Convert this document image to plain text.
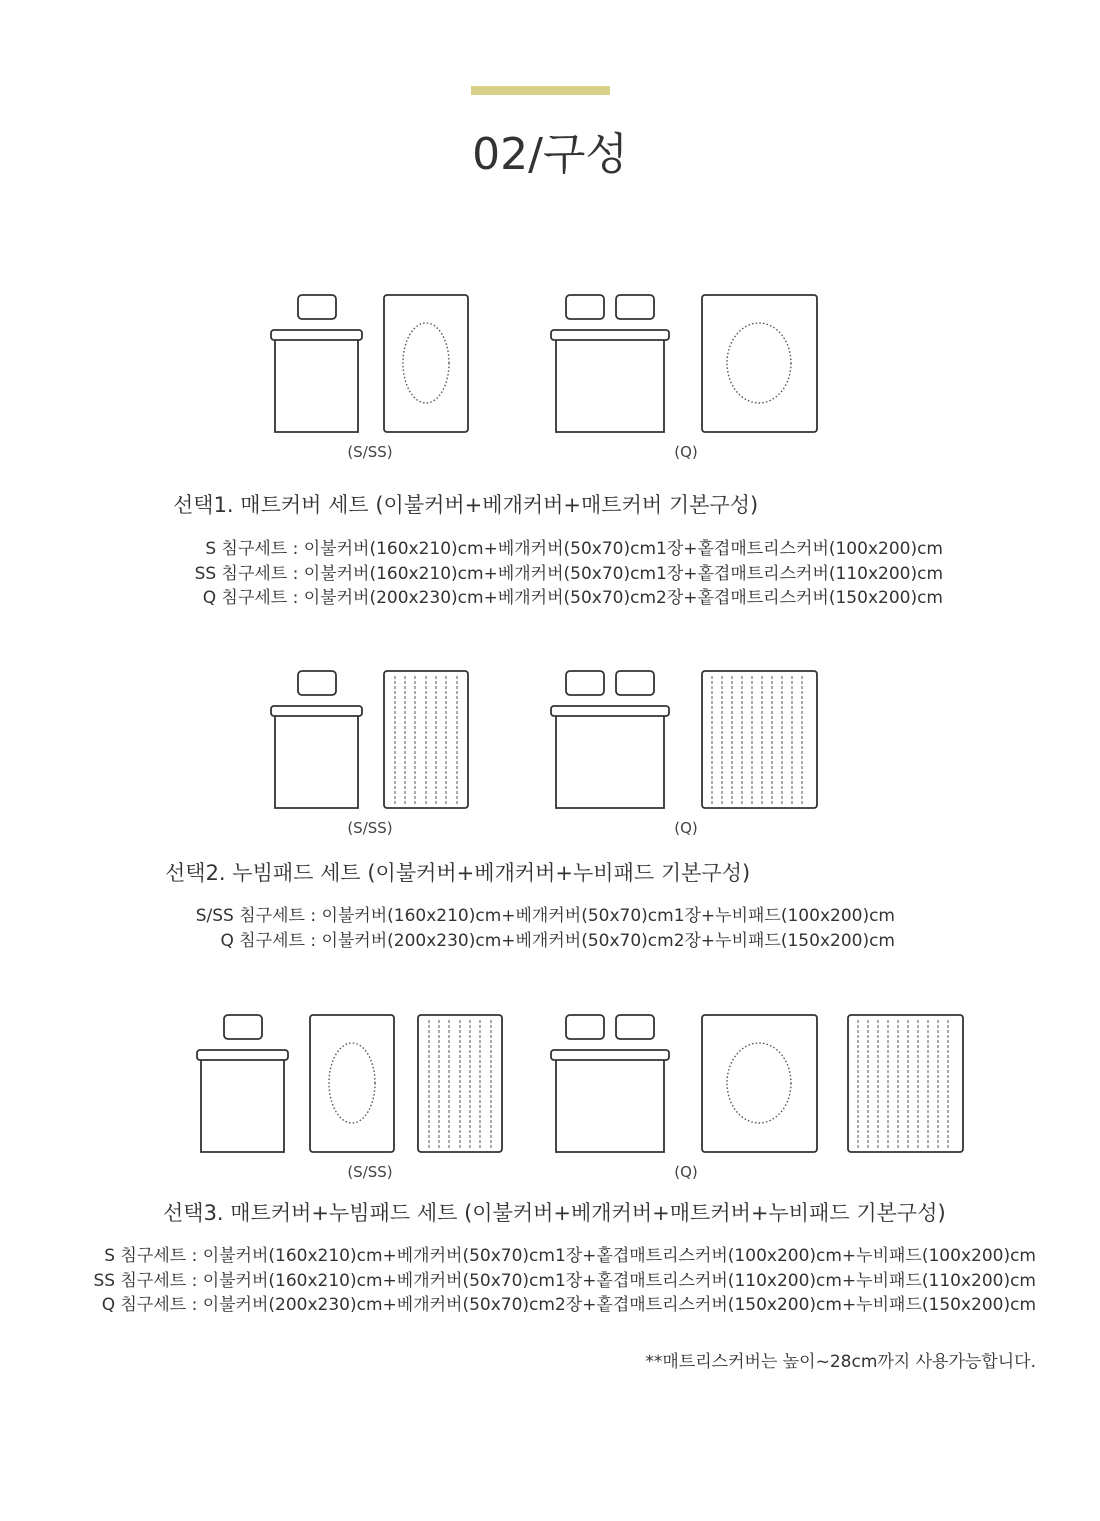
02/구성
(S/SS)	(Q)
선택1. 매트커버 세트 (이불커버+베개커버+매트커버 기본구성)
S 침구세트 : 이불커버(160x210)cm+베개커버(50x70)cm1장+홑겹매트리스커버(100x200)cm
SS 침구세트 : 이불커버(160x210)cm+베개커버(50x70)cm1장+홑겹매트리스커버(110x200)cm
Q 침구세트 : 이불커버(200x230)cm+베개커버(50x70)cm2장+홑겹매트리스커버(150x200)cm
(S/SS)	(Q)
선택2. 누빔패드 세트 (이불커버+베개커버+누비패드 기본구성)
S/SS 침구세트 : 이불커버(160x210)cm+베개커버(50x70)cm1장+누비패드(100x200)cm
Q 침구세트 : 이불커버(200x230)cm+베개커버(50x70)cm2장+누비패드(150x200)cm
(S/SS)	(Q)
선택3. 매트커버+누빔패드 세트 (이불커버+베개커버+매트커버+누비패드 기본구성)
S 침구세트 : 이불커버(160x210)cm+베개커버(50x70)cm1장+홑겹매트리스커버(100x200)cm+누비패드(100x200)cm
SS 침구세트 : 이불커버(160x210)cm+베개커버(50x70)cm1장+홑겹매트리스커버(110x200)cm+누비패드(110x200)cm
Q 침구세트 : 이불커버(200x230)cm+베개커버(50x70)cm2장+홑겹매트리스커버(150x200)cm+누비패드(150x200)cm
**매트리스커버는 높이~28cm까지 사용가능합니다.
